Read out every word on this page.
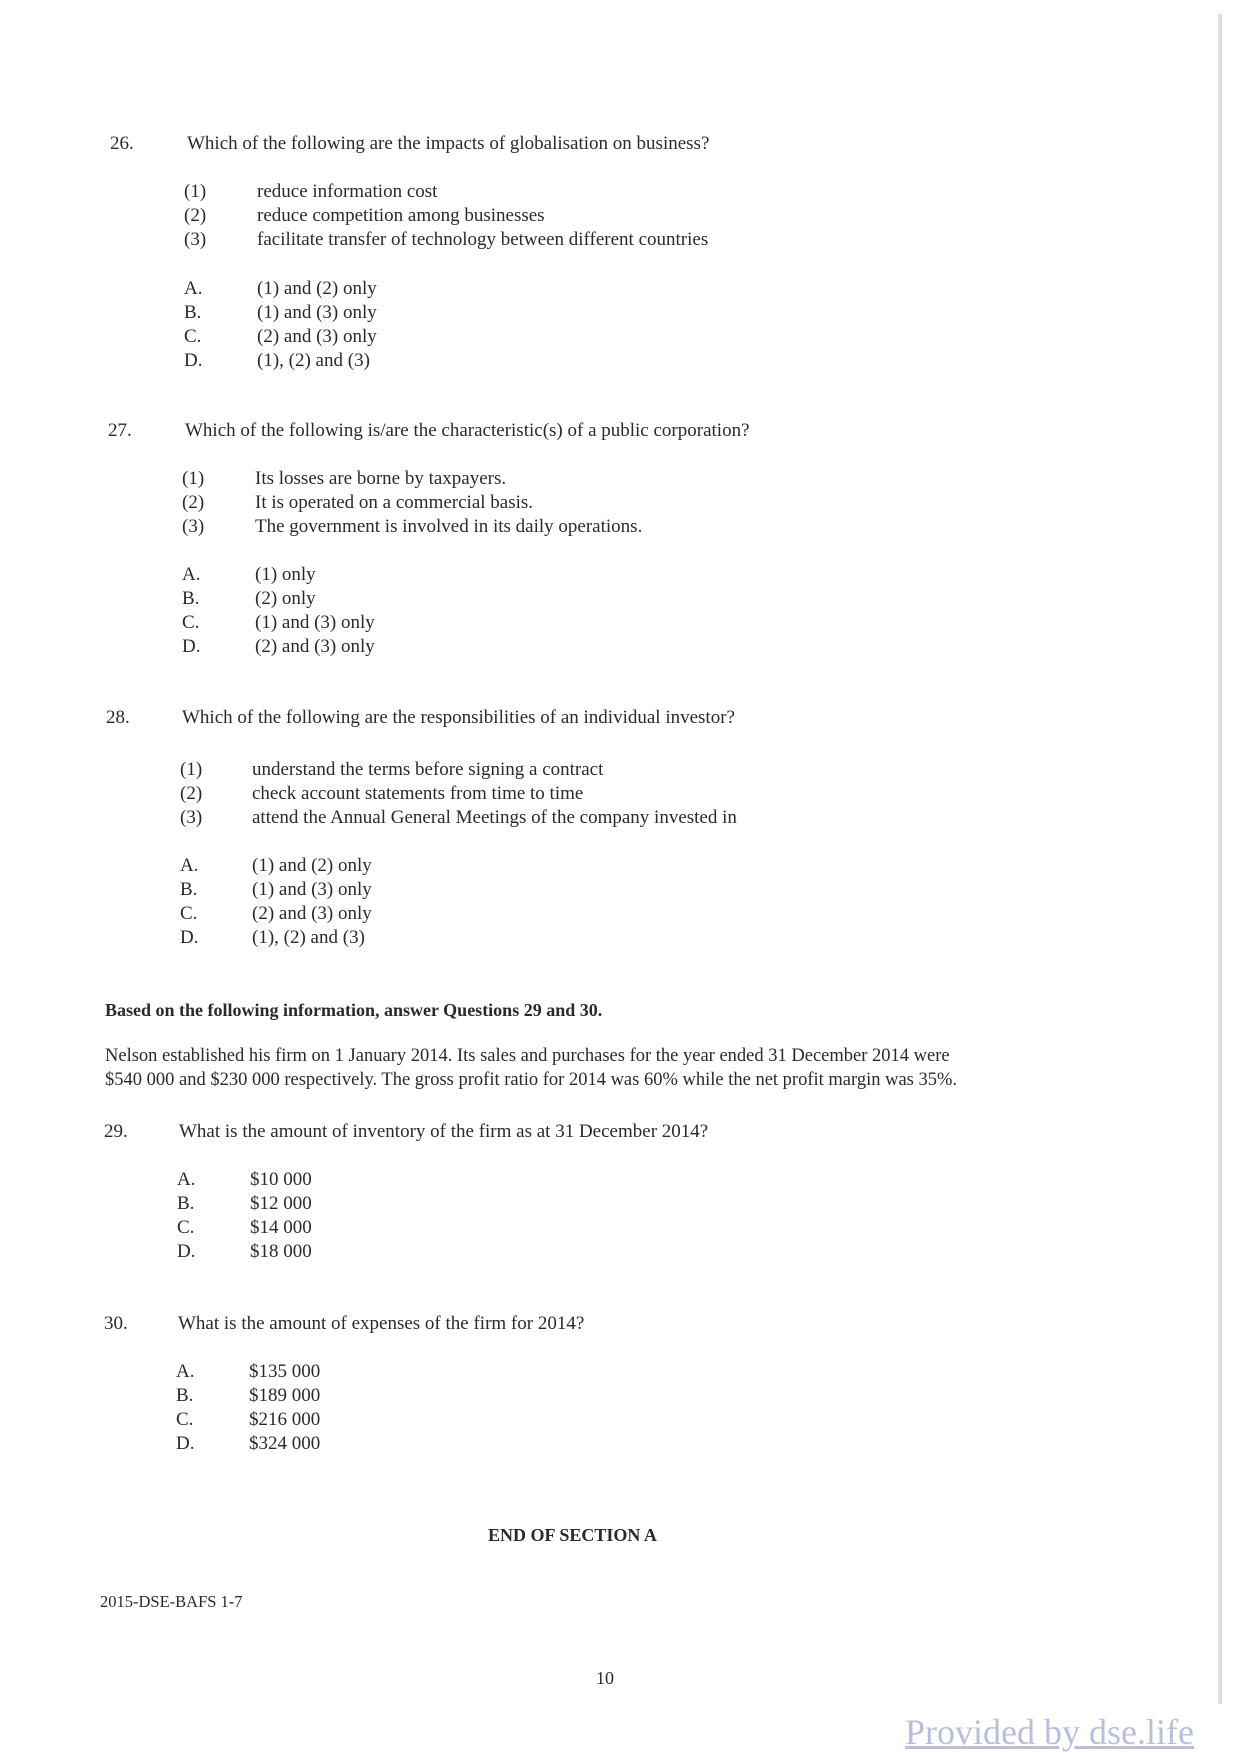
26.	Which of the following are the impacts of globalisation on business?
(1)	reduce information cost
(2)	reduce competition among businesses
(3)	facilitate transfer of technology between different countries
A.	(1) and (2) only
B.	(1) and (3) only
C.	(2) and (3) only
D.	(1), (2) and (3)
27.	Which of the following is/are the characteristic(s) of a public corporation?
(1)	Its losses are borne by taxpayers.
(2)	It is operated on a commercial basis.
(3)	The government is involved in its daily operations.
A.	(1) only
B.	(2) only
C.	(1) and (3) only
D.	(2) and (3) only
28.	Which of the following are the responsibilities of an individual investor?
(1)	understand the terms before signing a contract
(2)	check account statements from time to time
(3)	attend the Annual General Meetings of the company invested in
A.	(1) and (2) only
B.	(1) and (3) only
C.	(2) and (3) only
D.	(1), (2) and (3)
Based on the following information, answer Questions 29 and 30.
Nelson established his firm on 1 January 2014. Its sales and purchases for the year ended 31 December 2014 were
$540 000 and $230 000 respectively. The gross profit ratio for 2014 was 60% while the net profit margin was 35%.
29.	What is the amount of inventory of the firm as at 31 December 2014?
A.	$10 000
B.	$12 000
C.	$14 000
D.	$18 000
30.	What is the amount of expenses of the firm for 2014?
A.	$135 000
B.	$189 000
C.	$216 000
D.	$324 000
END OF SECTION A
2015-DSE-BAFS 1-7
10
Provided by dse.life
